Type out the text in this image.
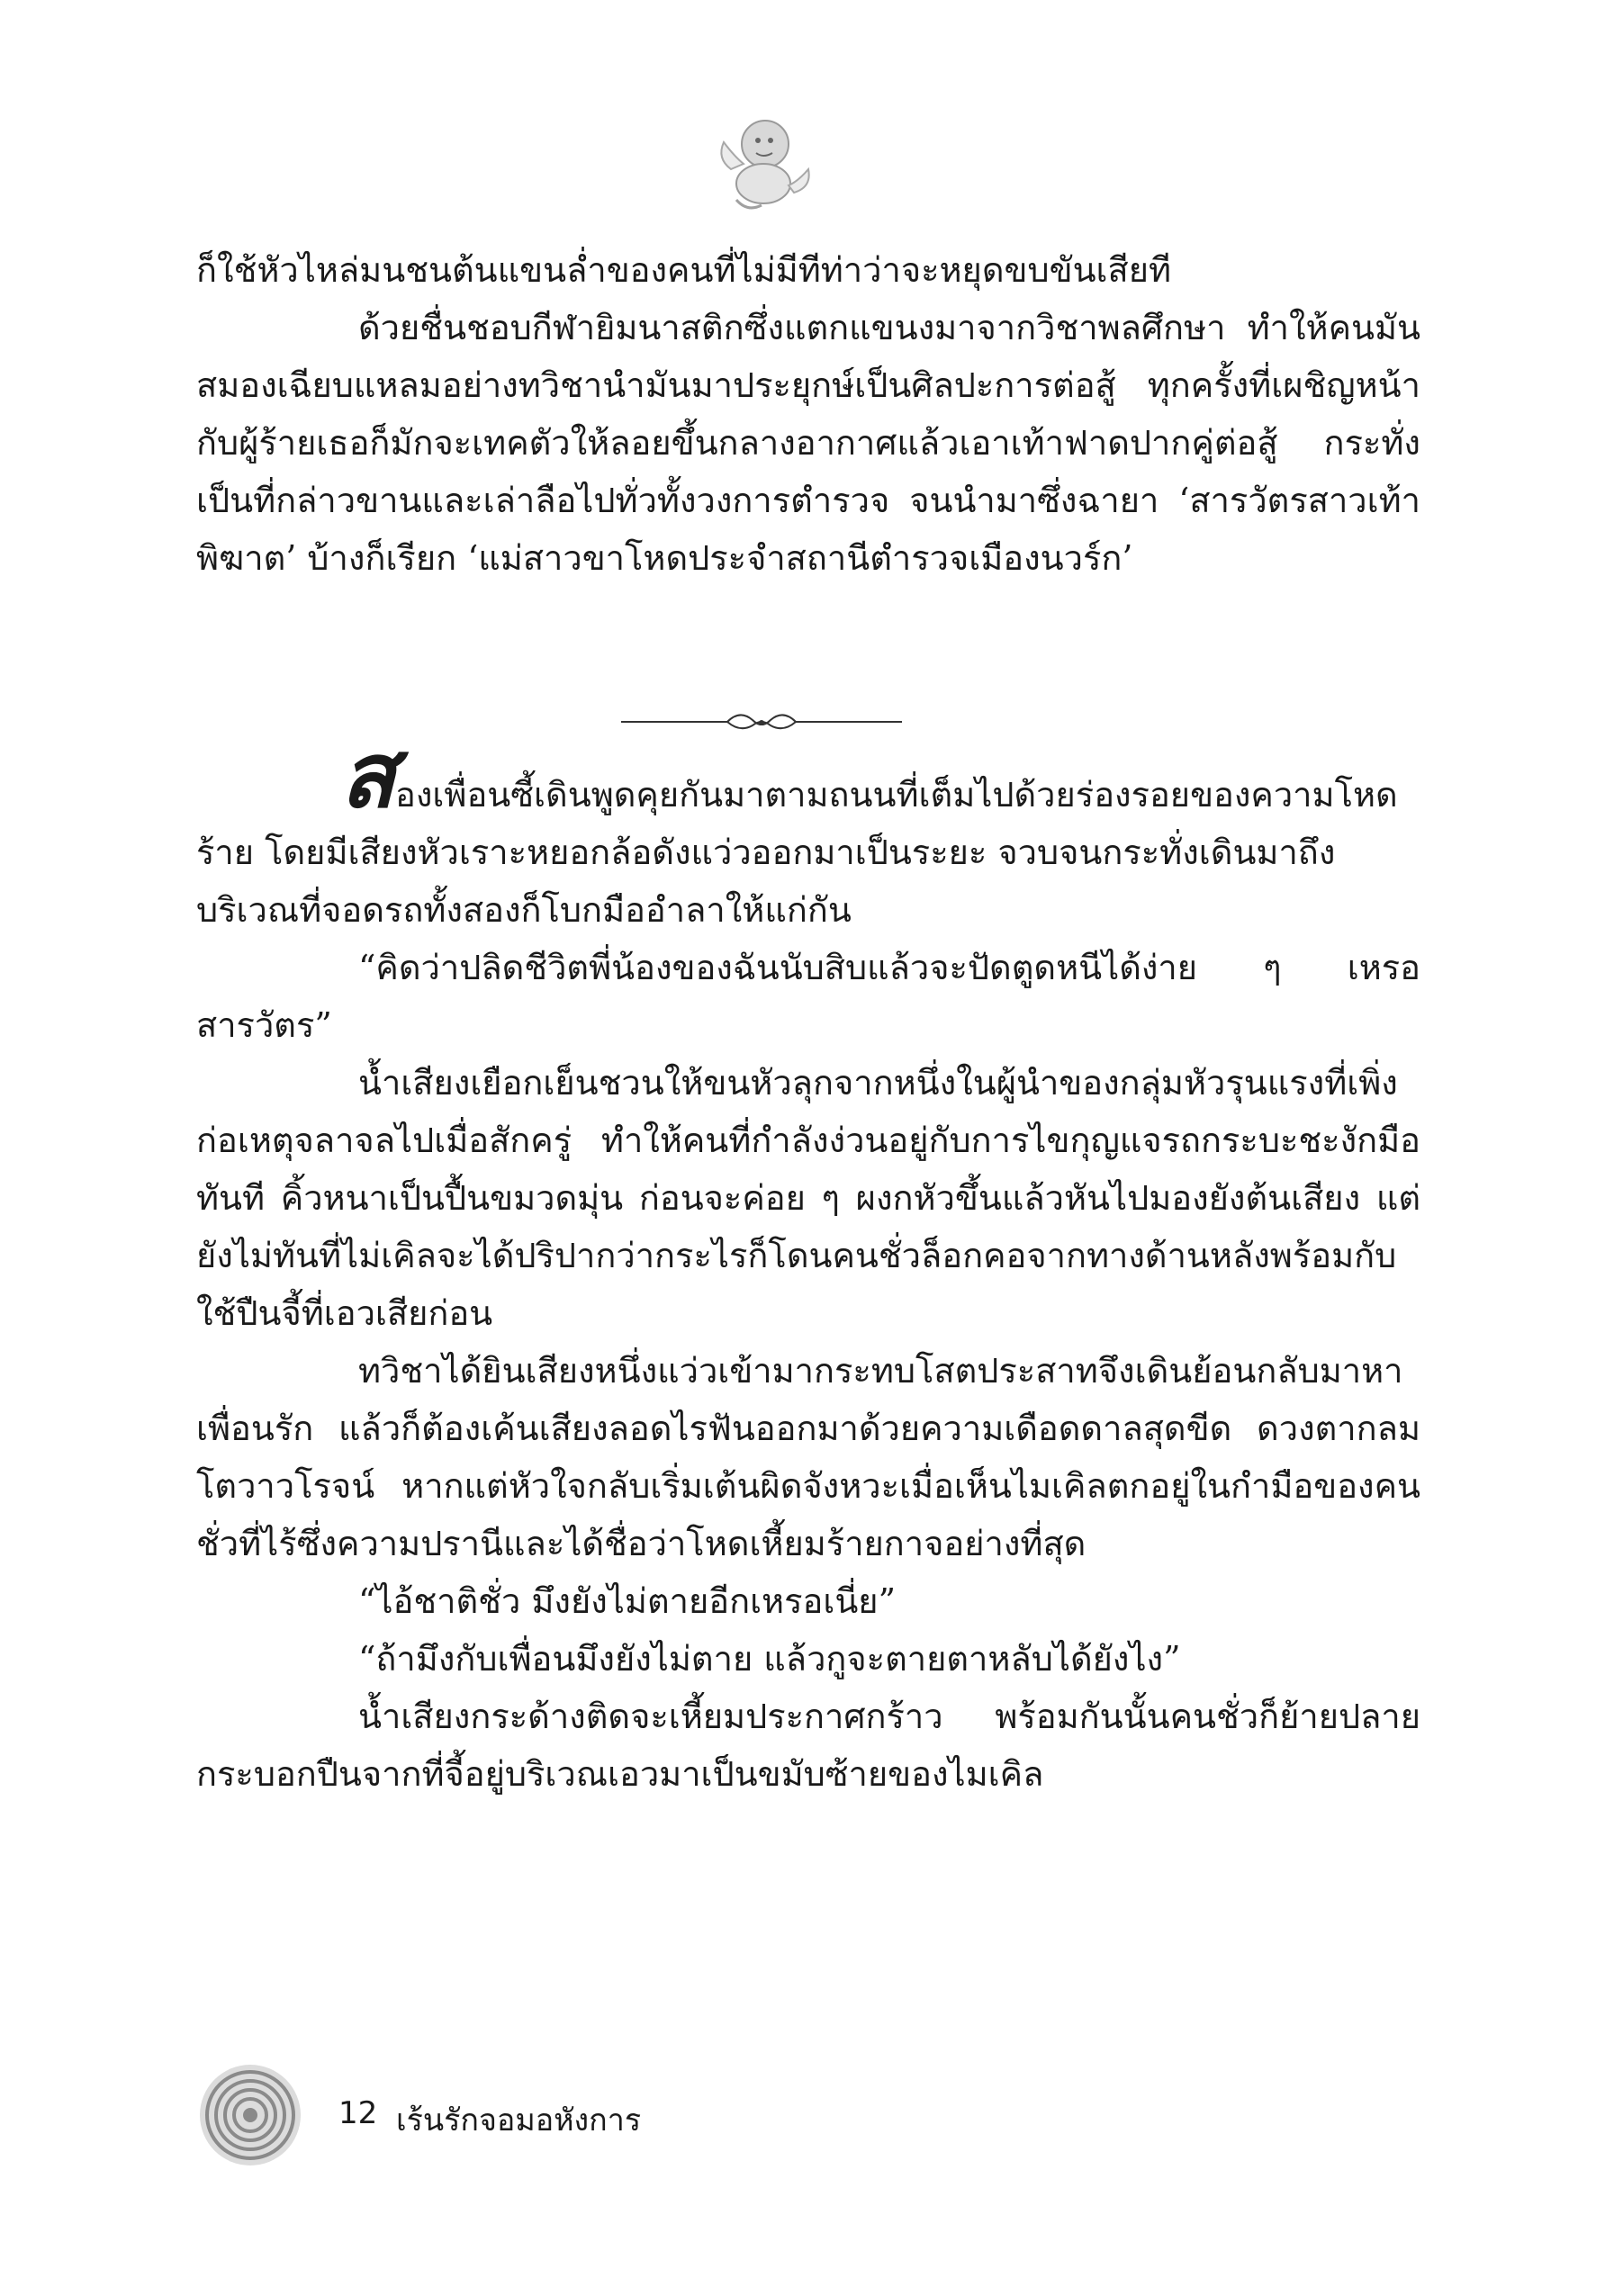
ก็ใช้หัวไหล่มนชนต้นแขนล่ำของคนที่ไม่มีทีท่าว่าจะหยุดขบขันเสียที

ด้วยชื่นชอบกีฬายิมนาสติกซึ่งแตกแขนงมาจากวิชาพลศึกษา ทำให้คนมันสมองเฉียบแหลมอย่างทวิชานำมันมาประยุกษ์เป็นศิลปะการต่อสู้ ทุกครั้งที่เผชิญหน้ากับผู้ร้ายเธอก็มักจะเทคตัวให้ลอยขึ้นกลางอากาศแล้วเอาเท้าฟาดปากคู่ต่อสู้ กระทั่งเป็นที่กล่าวขานและเล่าลือไปทั่วทั้งวงการตำรวจ จนนำมาซึ่งฉายา ‘สารวัตรสาวเท้าพิฆาต’ บ้างก็เรียก ‘แม่สาวขาโหดประจำสถานีตำรวจเมืองนวร์ก’

สองเพื่อนซี้เดินพูดคุยกันมาตามถนนที่เต็มไปด้วยร่องรอยของความโหดร้าย โดยมีเสียงหัวเราะหยอกล้อดังแว่วออกมาเป็นระยะ จวบจนกระทั่งเดินมาถึงบริเวณที่จอดรถทั้งสองก็โบกมืออำลาให้แก่กัน

“คิดว่าปลิดชีวิตพี่น้องของฉันนับสิบแล้วจะปัดตูดหนีได้ง่าย ๆ เหรอสารวัตร”

น้ำเสียงเยือกเย็นชวนให้ขนหัวลุกจากหนึ่งในผู้นำของกลุ่มหัวรุนแรงที่เพิ่งก่อเหตุจลาจลไปเมื่อสักครู่ ทำให้คนที่กำลังง่วนอยู่กับการไขกุญแจรถกระบะชะงักมือทันที คิ้วหนาเป็นปื้นขมวดมุ่น ก่อนจะค่อย ๆ ผงกหัวขึ้นแล้วหันไปมองยังต้นเสียง แต่ยังไม่ทันที่ไม่เคิลจะได้ปริปากว่ากระไรก็โดนคนชั่วล็อกคอจากทางด้านหลังพร้อมกับใช้ปืนจี้ที่เอวเสียก่อน

ทวิชาได้ยินเสียงหนึ่งแว่วเข้ามากระทบโสตประสาทจึงเดินย้อนกลับมาหาเพื่อนรัก แล้วก็ต้องเค้นเสียงลอดไรฟันออกมาด้วยความเดือดดาลสุดขีด ดวงตากลมโตวาวโรจน์ หากแต่หัวใจกลับเริ่มเต้นผิดจังหวะเมื่อเห็นไมเคิลตกอยู่ในกำมือของคนชั่วที่ไร้ซึ่งความปรานีและได้ชื่อว่าโหดเหี้ยมร้ายกาจอย่างที่สุด

“ไอ้ชาติชั่ว มึงยังไม่ตายอีกเหรอเนี่ย”

“ถ้ามึงกับเพื่อนมึงยังไม่ตาย แล้วกูจะตายตาหลับได้ยังไง”

น้ำเสียงกระด้างติดจะเหี้ยมประกาศกร้าว พร้อมกันนั้นคนชั่วก็ย้ายปลายกระบอกปืนจากที่จี้อยู่บริเวณเอวมาเป็นขมับซ้ายของไมเคิล

12 เร้นรักจอมอหังการ
